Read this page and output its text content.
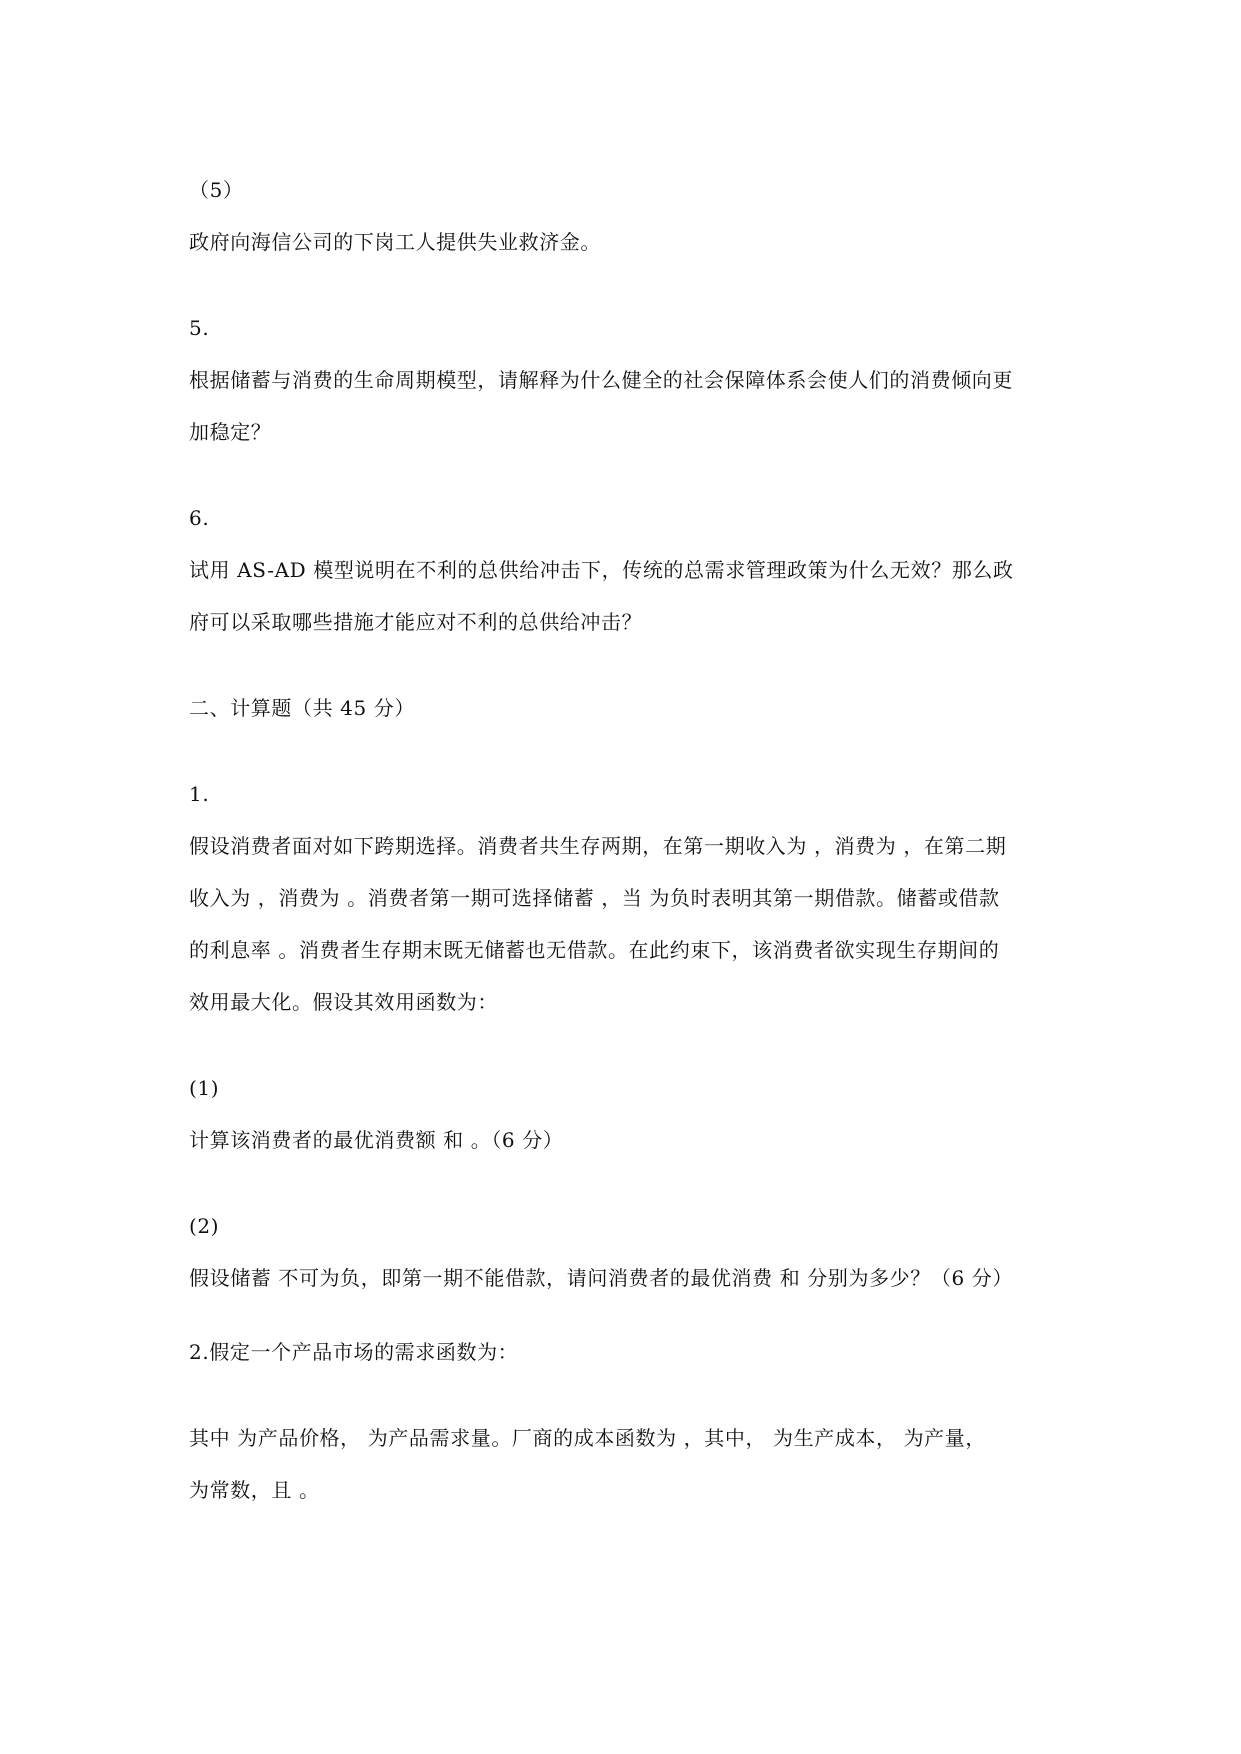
（5）
政府向海信公司的下岗工人提供失业救济金。
5.
根据储蓄与消费的生命周期模型，请解释为什么健全的社会保障体系会使人们的消费倾向更
加稳定？
6.
试用 AS-AD 模型说明在不利的总供给冲击下，传统的总需求管理政策为什么无效？那么政
府可以采取哪些措施才能应对不利的总供给冲击？
二、计算题（共 45 分）
1.
假设消费者面对如下跨期选择。消费者共生存两期，在第一期收入为 ，消费为 ，在第二期
收入为 ，消费为 。消费者第一期可选择储蓄 ，当 为负时表明其第一期借款。储蓄或借款
的利息率 。消费者生存期末既无储蓄也无借款。在此约束下，该消费者欲实现生存期间的
效用最大化。假设其效用函数为：
(1)
计算该消费者的最优消费额 和 。（6 分）
(2)
假设储蓄 不可为负，即第一期不能借款，请问消费者的最优消费 和 分别为多少？（6 分）
2.假定一个产品市场的需求函数为：
其中 为产品价格， 为产品需求量。厂商的成本函数为 ，其中， 为生产成本， 为产量，
为常数，且 。
